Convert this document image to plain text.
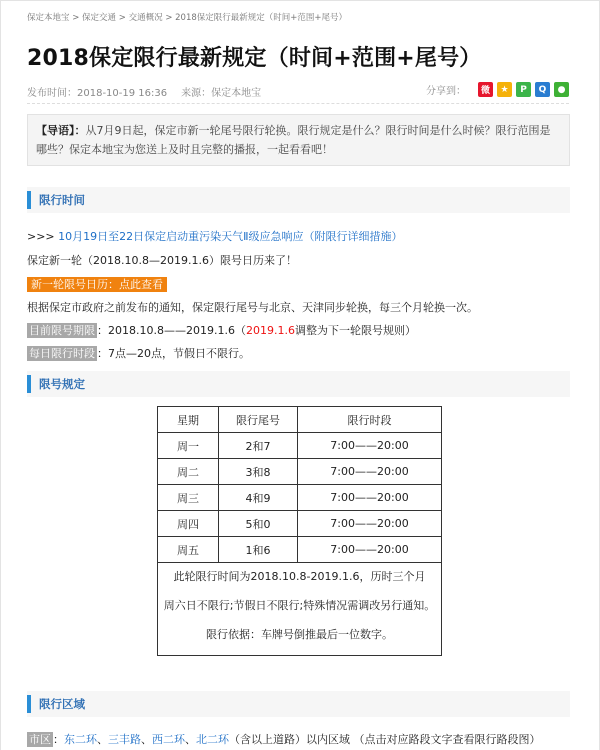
保定本地宝 > 保定交通 > 交通概况 > 2018保定限行最新规定（时间+范围+尾号）
2018保定限行最新规定（时间+范围+尾号）
发布时间：2018-10-19 16:36 来源：保定本地宝	分享到：	微	★	P	Q	●
【导语】：从7月9日起，保定市新一轮尾号限行轮换。限行规定是什么？限行时间是什么时候？限行范围是哪些？保定本地宝为您送上及时且完整的播报，一起看看吧！
限行时间
>>> 10月19日至22日保定启动重污染天气Ⅱ级应急响应（附限行详细措施）
保定新一轮（2018.10.8—2019.1.6）限号日历来了！
新一轮限号日历：点此查看
根据保定市政府之前发布的通知，保定限行尾号与北京、天津同步轮换，每三个月轮换一次。
目前限号期限 ：2018.10.8——2019.1.6（2019.1.6调整为下一轮限号规则）
每日限行时段 ：7点—20点，节假日不限行。
限号规定
星期	限行尾号	限行时段
周一	2和7	7:00——20:00
周二	3和8	7:00——20:00
周三	4和9	7:00——20:00
周四	5和0	7:00——20:00
周五	1和6	7:00——20:00

此轮限行时间为2018.10.8-2019.1.6，历时三个月
周六日不限行;节假日不限行;特殊情况需调改另行通知。
限行依据：车牌号倒推最后一位数字。		
限行区域
市区 ：东二环、三丰路、西二环、北二环（含以上道路）以内区域 （点击对应路段文字查看限行路段图）
